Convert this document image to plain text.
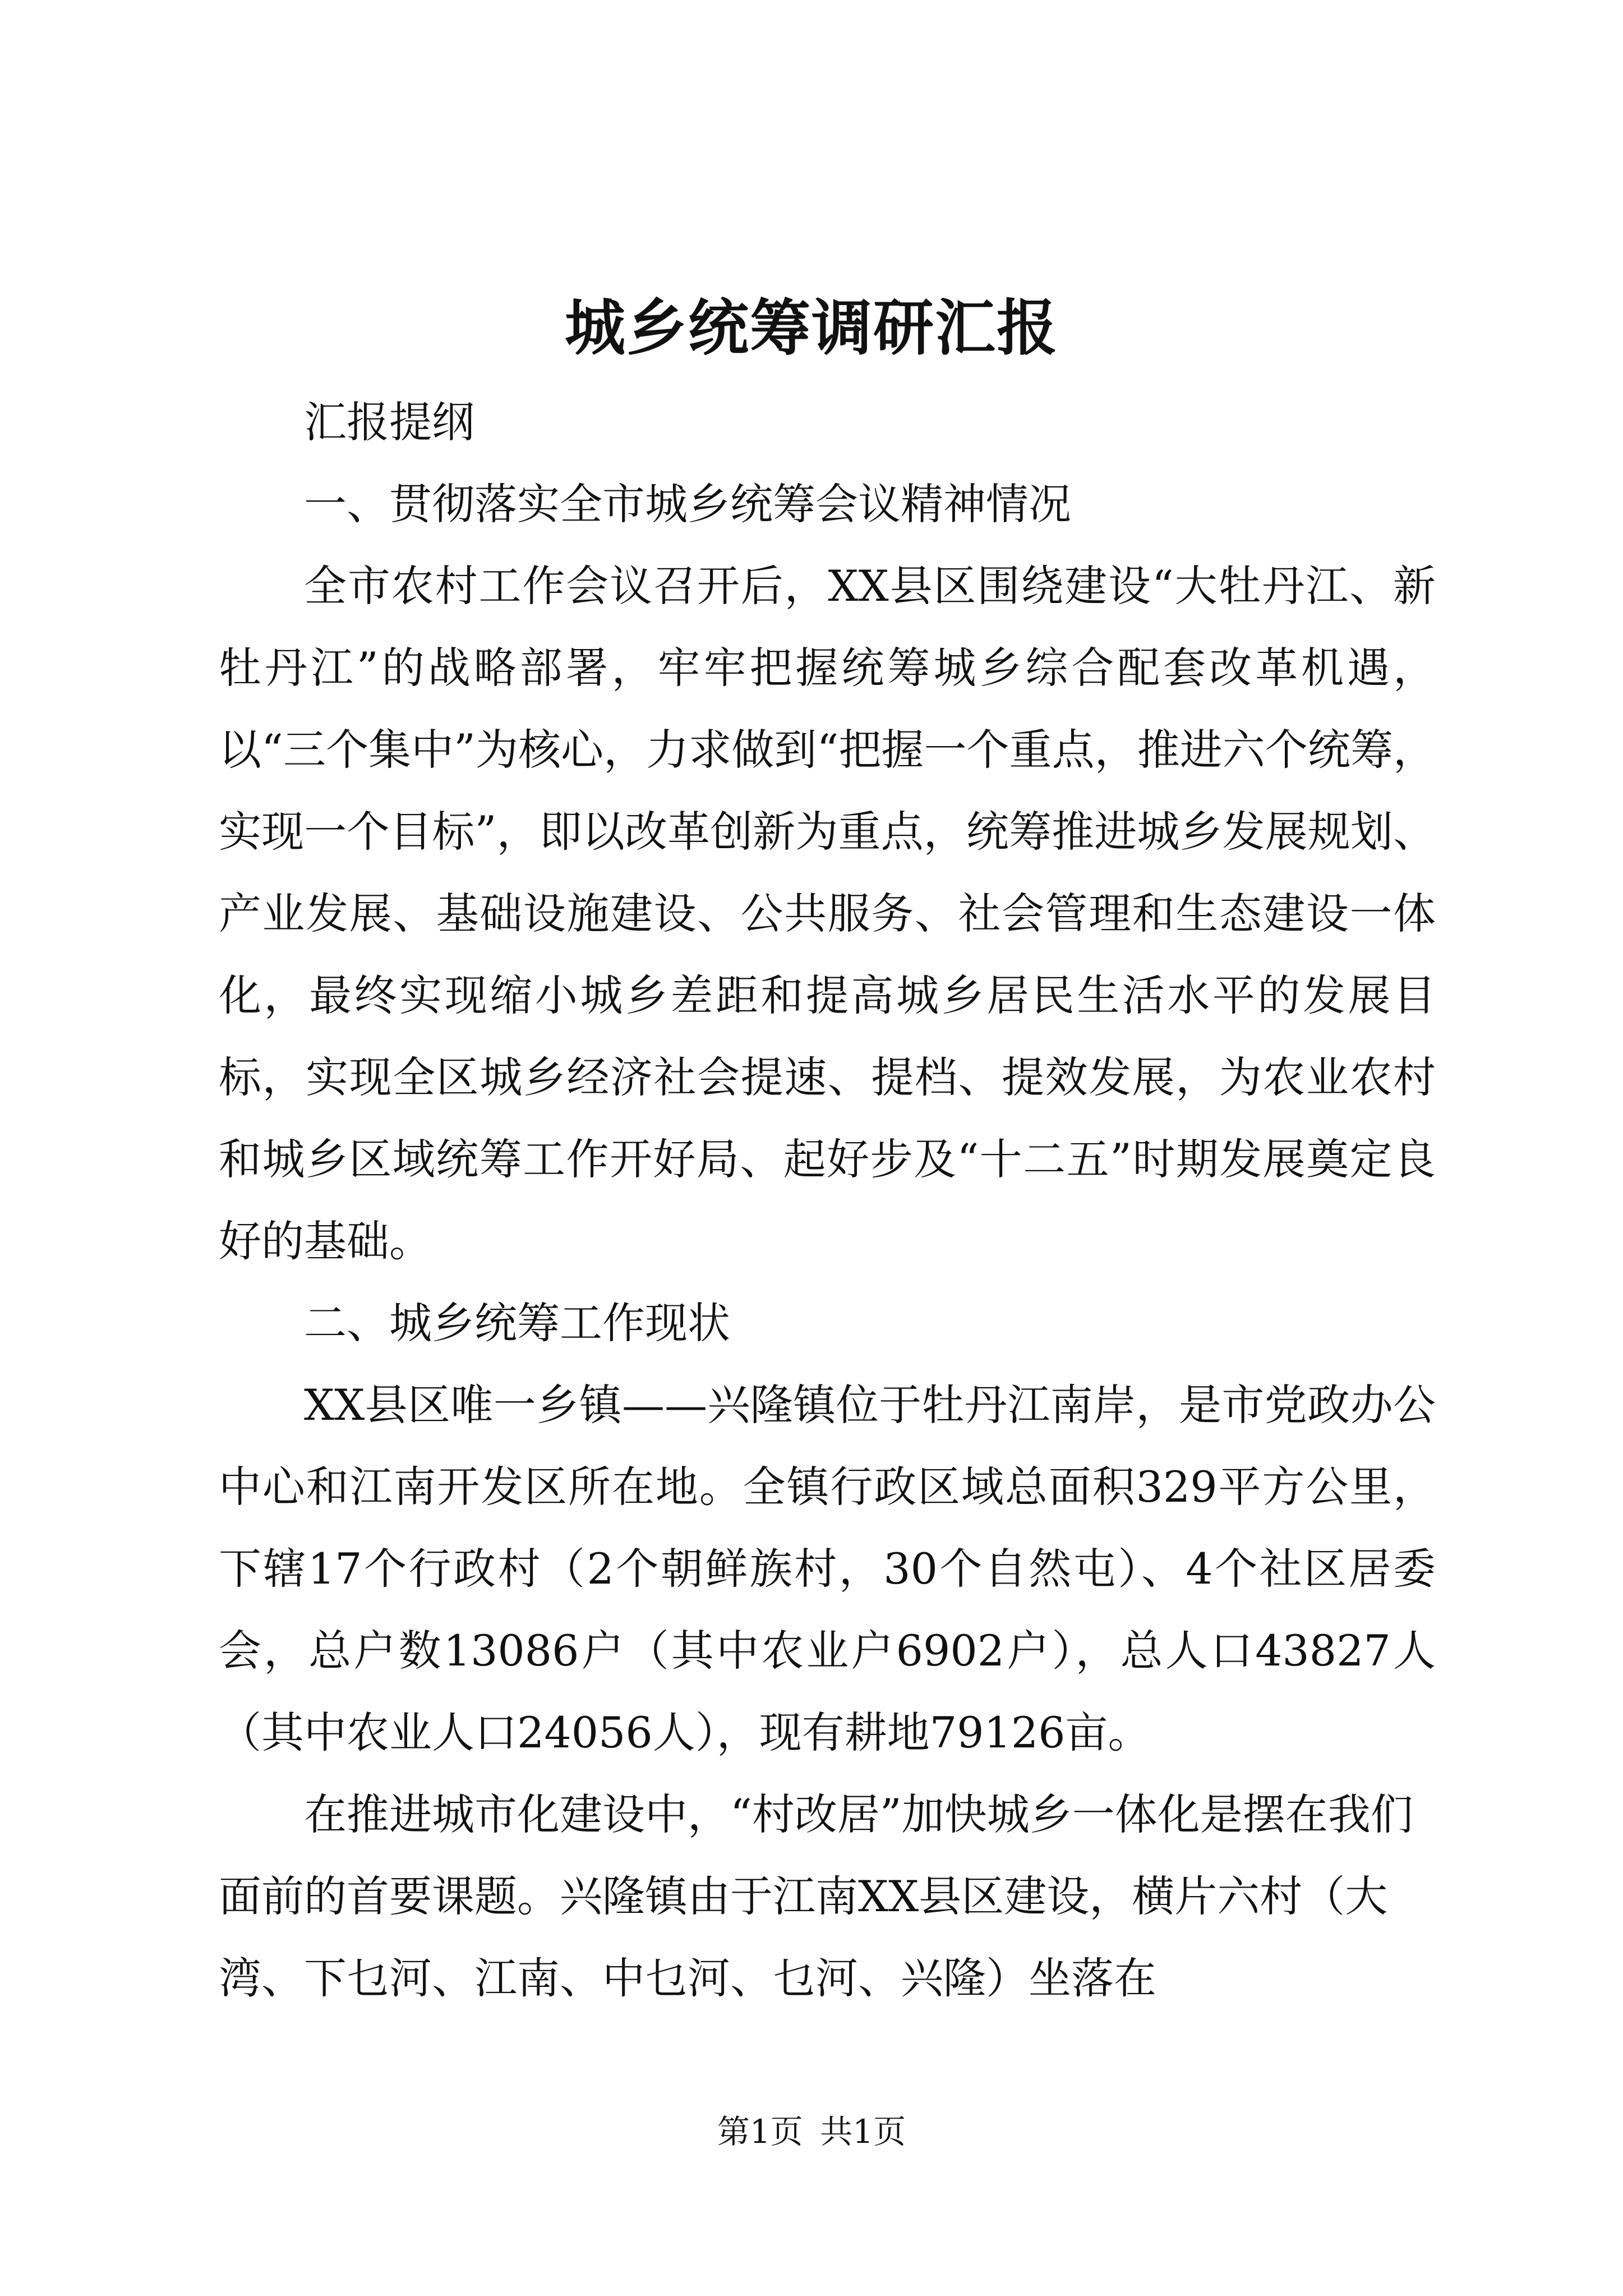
城乡统筹调研汇报

汇报提纲

一、贯彻落实全市城乡统筹会议精神情况

全市农村工作会议召开后，XX县区围绕建设“大牡丹江、新牡丹江”的战略部署，牢牢把握统筹城乡综合配套改革机遇，以“三个集中”为核心，力求做到“把握一个重点，推进六个统筹，实现一个目标”，即以改革创新为重点，统筹推进城乡发展规划、产业发展、基础设施建设、公共服务、社会管理和生态建设一体化，最终实现缩小城乡差距和提高城乡居民生活水平的发展目标，实现全区城乡经济社会提速、提档、提效发展，为农业农村和城乡区域统筹工作开好局、起好步及“十二五”时期发展奠定良好的基础。

二、城乡统筹工作现状

XX县区唯一乡镇——兴隆镇位于牡丹江南岸，是市党政办公中心和江南开发区所在地。全镇行政区域总面积329平方公里，下辖17个行政村（2个朝鲜族村，30个自然屯）、4个社区居委会，总户数13086户（其中农业户6902户），总人口43827人（其中农业人口24056人），现有耕地79126亩。

在推进城市化建设中，“村改居”加快城乡一体化是摆在我们面前的首要课题。兴隆镇由于江南XX县区建设，横片六村（大湾、下乜河、江南、中乜河、乜河、兴隆）坐落在

第1页 共1页
